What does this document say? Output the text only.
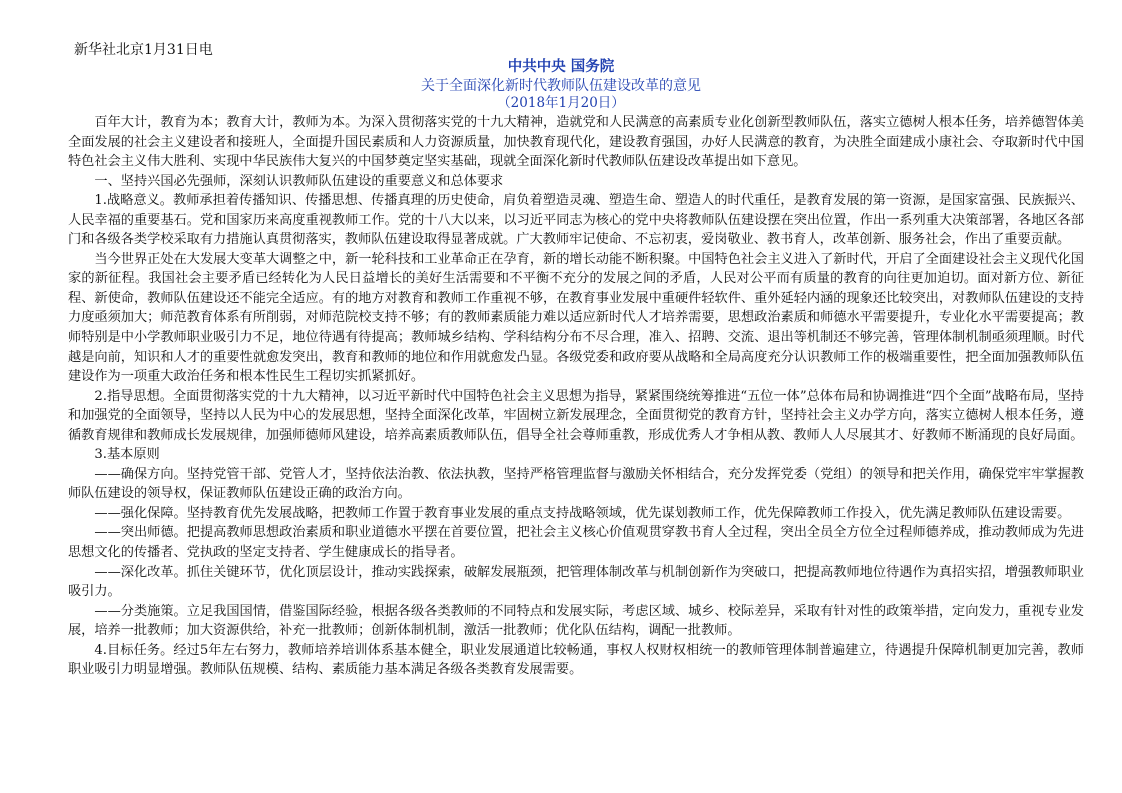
新华社北京1月31日电
中共中央 国务院
关于全面深化新时代教师队伍建设改革的意见
（2018年1月20日）

百年大计，教育为本；教育大计，教师为本。为深入贯彻落实党的十九大精神，造就党和人民满意的高素质专业化创新型教师队伍，落实立德树人根本任务，培养德智体美全面发展的社会主义建设者和接班人，全面提升国民素质和人力资源质量，加快教育现代化，建设教育强国，办好人民满意的教育，为决胜全面建成小康社会、夺取新时代中国特色社会主义伟大胜利、实现中华民族伟大复兴的中国梦奠定坚实基础，现就全面深化新时代教师队伍建设改革提出如下意见。

一、坚持兴国必先强师，深刻认识教师队伍建设的重要意义和总体要求

1.战略意义。教师承担着传播知识、传播思想、传播真理的历史使命，肩负着塑造灵魂、塑造生命、塑造人的时代重任，是教育发展的第一资源，是国家富强、民族振兴、人民幸福的重要基石。党和国家历来高度重视教师工作。党的十八大以来，以习近平同志为核心的党中央将教师队伍建设摆在突出位置，作出一系列重大决策部署，各地区各部门和各级各类学校采取有力措施认真贯彻落实，教师队伍建设取得显著成就。广大教师牢记使命、不忘初衷，爱岗敬业、教书育人，改革创新、服务社会，作出了重要贡献。

当今世界正处在大发展大变革大调整之中，新一轮科技和工业革命正在孕育，新的增长动能不断积聚。中国特色社会主义进入了新时代，开启了全面建设社会主义现代化国家的新征程。我国社会主要矛盾已经转化为人民日益增长的美好生活需要和不平衡不充分的发展之间的矛盾，人民对公平而有质量的教育的向往更加迫切。面对新方位、新征程、新使命，教师队伍建设还不能完全适应。有的地方对教育和教师工作重视不够，在教育事业发展中重硬件轻软件、重外延轻内涵的现象还比较突出，对教师队伍建设的支持力度亟须加大；师范教育体系有所削弱，对师范院校支持不够；有的教师素质能力难以适应新时代人才培养需要，思想政治素质和师德水平需要提升，专业化水平需要提高；教师特别是中小学教师职业吸引力不足，地位待遇有待提高；教师城乡结构、学科结构分布不尽合理，准入、招聘、交流、退出等机制还不够完善，管理体制机制亟须理顺。时代越是向前，知识和人才的重要性就愈发突出，教育和教师的地位和作用就愈发凸显。各级党委和政府要从战略和全局高度充分认识教师工作的极端重要性，把全面加强教师队伍建设作为一项重大政治任务和根本性民生工程切实抓紧抓好。

2.指导思想。全面贯彻落实党的十九大精神，以习近平新时代中国特色社会主义思想为指导，紧紧围绕统筹推进“五位一体”总体布局和协调推进“四个全面”战略布局，坚持和加强党的全面领导，坚持以人民为中心的发展思想，坚持全面深化改革，牢固树立新发展理念，全面贯彻党的教育方针，坚持社会主义办学方向，落实立德树人根本任务，遵循教育规律和教师成长发展规律，加强师德师风建设，培养高素质教师队伍，倡导全社会尊师重教，形成优秀人才争相从教、教师人人尽展其才、好教师不断涌现的良好局面。

3.基本原则

——确保方向。坚持党管干部、党管人才，坚持依法治教、依法执教，坚持严格管理监督与激励关怀相结合，充分发挥党委（党组）的领导和把关作用，确保党牢牢掌握教师队伍建设的领导权，保证教师队伍建设正确的政治方向。

——强化保障。坚持教育优先发展战略，把教师工作置于教育事业发展的重点支持战略领域，优先谋划教师工作，优先保障教师工作投入，优先满足教师队伍建设需要。

——突出师德。把提高教师思想政治素质和职业道德水平摆在首要位置，把社会主义核心价值观贯穿教书育人全过程，突出全员全方位全过程师德养成，推动教师成为先进思想文化的传播者、党执政的坚定支持者、学生健康成长的指导者。

——深化改革。抓住关键环节，优化顶层设计，推动实践探索，破解发展瓶颈，把管理体制改革与机制创新作为突破口，把提高教师地位待遇作为真招实招，增强教师职业吸引力。

——分类施策。立足我国国情，借鉴国际经验，根据各级各类教师的不同特点和发展实际，考虑区域、城乡、校际差异，采取有针对性的政策举措，定向发力，重视专业发展，培养一批教师；加大资源供给，补充一批教师；创新体制机制，激活一批教师；优化队伍结构，调配一批教师。

4.目标任务。经过5年左右努力，教师培养培训体系基本健全，职业发展通道比较畅通，事权人权财权相统一的教师管理体制普遍建立，待遇提升保障机制更加完善，教师职业吸引力明显增强。教师队伍规模、结构、素质能力基本满足各级各类教育发展需要。
